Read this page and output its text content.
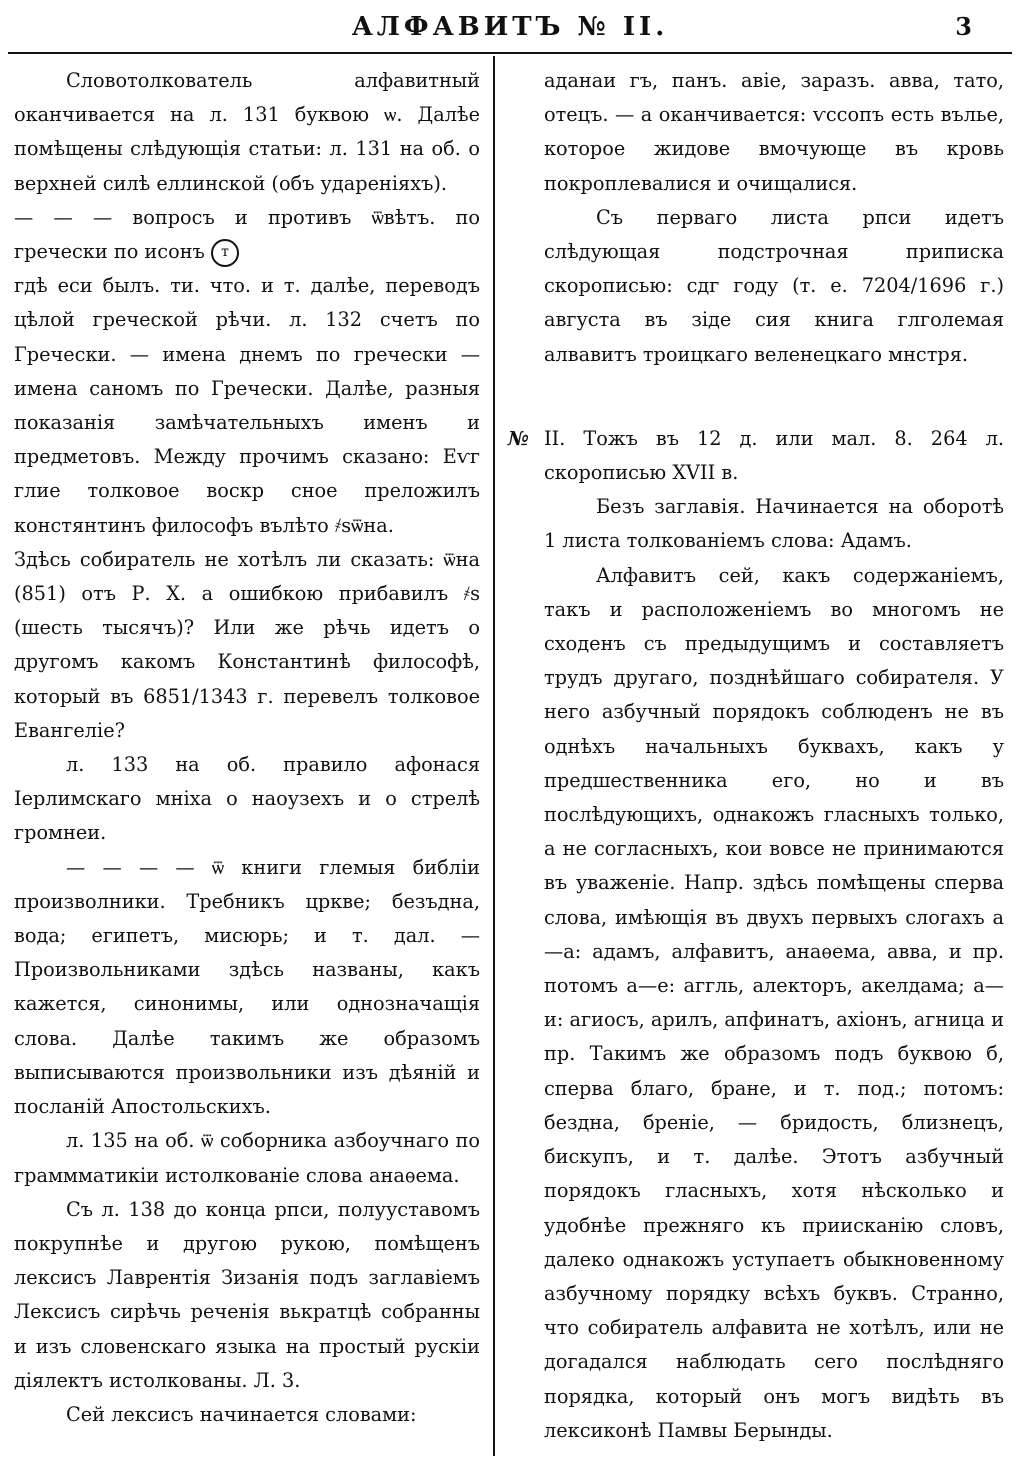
АЛФАВИТЪ № II.	3

Словотолкователь алфавитный оканчивается на л. 131 буквою ѡ. Далѣе помѣщены слѣдующія статьи: л. 131 на об. о верхней силѣ еллинской (объ удареніяхъ).

— — — вопросъ и противъ ѿвѣтъ. по гречески по исонъ т

гдѣ еси былъ. ти. что. и т. далѣе, переводъ цѣлой греческой рѣчи. л. 132 счетъ по Гречески. — имена днемъ по гречески — имена саномъ по Гречески. Далѣе, разныя показанія замѣчательныхъ именъ и предметовъ. Между прочимъ сказано: Еѵг глие толковое воскр сное преложилъ констянтинъ философъ вълѣто ҂ѕѿна.

Здѣсь собиратель не хотѣлъ ли сказать: ѿна (851) отъ Р. Х. а ошибкою прибавилъ ҂ѕ (шесть тысячъ)? Или же рѣчь идетъ о другомъ какомъ Константинѣ философѣ, который въ 6851/1343 г. перевелъ толковое Евангеліе?

л. 133 на об. правило афонася Іерлимскаго мніха о наоузехъ и о стрелѣ громнеи.

— — — — ѿ книги глемыя библіи произволники. Требникъ цркве; безъдна, вода; египетъ, мисюрь; и т. дал. — Произвольниками здѣсь названы, какъ кажется, синонимы, или однозначащія слова. Далѣе такимъ же образомъ выписываются произвольники изъ дѣяній и посланій Апостольскихъ.

л. 135 на об. ѿ соборника азбоучнаго по граммматикіи истолкованіе слова анаѳема.

Съ л. 138 до конца рпси, полууставомъ покрупнѣе и другою рукою, помѣщенъ лексисъ Лаврентія Зизанія подъ заглавіемъ Лексисъ сирѣчь реченія вькратцѣ собранны и изъ словенскаго языка на простый рускіи діялектъ истолкованы. Л. 3.

Сей лексисъ начинается словами:

аданаи гъ, панъ. авіе, заразъ. авва, тато, отецъ. — а оканчивается: ѵссопъ есть вълье, которое жидове вмочующе въ кровь покроплевалися и очищалися.

Съ перваго листа рпси идетъ слѣдующая подстрочная приписка скорописью: сдг году (т. е. 7204/1696 г.) авгуcта въ зіде сия книга глголемая алвавитъ троицкаго веленецкаго мнстря.

№ II. Тожъ въ 12 д. или мал. 8. 264 л. скорописью XVII в.

Безъ заглавія. Начинается на оборотѣ 1 листа толкованіемъ слова: Адамъ.

Алфавитъ сей, какъ содержаніемъ, такъ и расположеніемъ во многомъ не сходенъ съ предыдущимъ и составляетъ трудъ другаго, позднѣйшаго собирателя. У него азбучный порядокъ соблюденъ не въ однѣхъ начальныхъ буквахъ, какъ у предшественника его, но и въ послѣдующихъ, однакожъ гласныхъ только, а не согласныхъ, кои вовсе не принимаются въ уваженіе. Напр. здѣсь помѣщены сперва слова, имѣющія въ двухъ первыхъ слогахъ а—а: адамъ, алфавитъ, анаѳема, авва, и пр. потомъ а—е: аггль, алекторъ, акелдама; а—и: агиосъ, арилъ, апфинатъ, ахіонъ, агница и пр. Такимъ же образомъ подъ буквою б, сперва благо, бране, и т. под.; потомъ: бездна, бреніе, — бридость, близнецъ, бискупъ, и т. далѣе. Этотъ азбучный порядокъ гласныхъ, хотя нѣсколько и удобнѣе прежняго къ приисканію словъ, далеко однакожъ уступаетъ обыкновенному азбучному порядку всѣхъ буквъ. Странно, что собиратель алфавита не хотѣлъ, или не догадался наблюдать сего послѣдняго порядка, который онъ могъ видѣть въ лексиконѣ Памвы Берынды.
